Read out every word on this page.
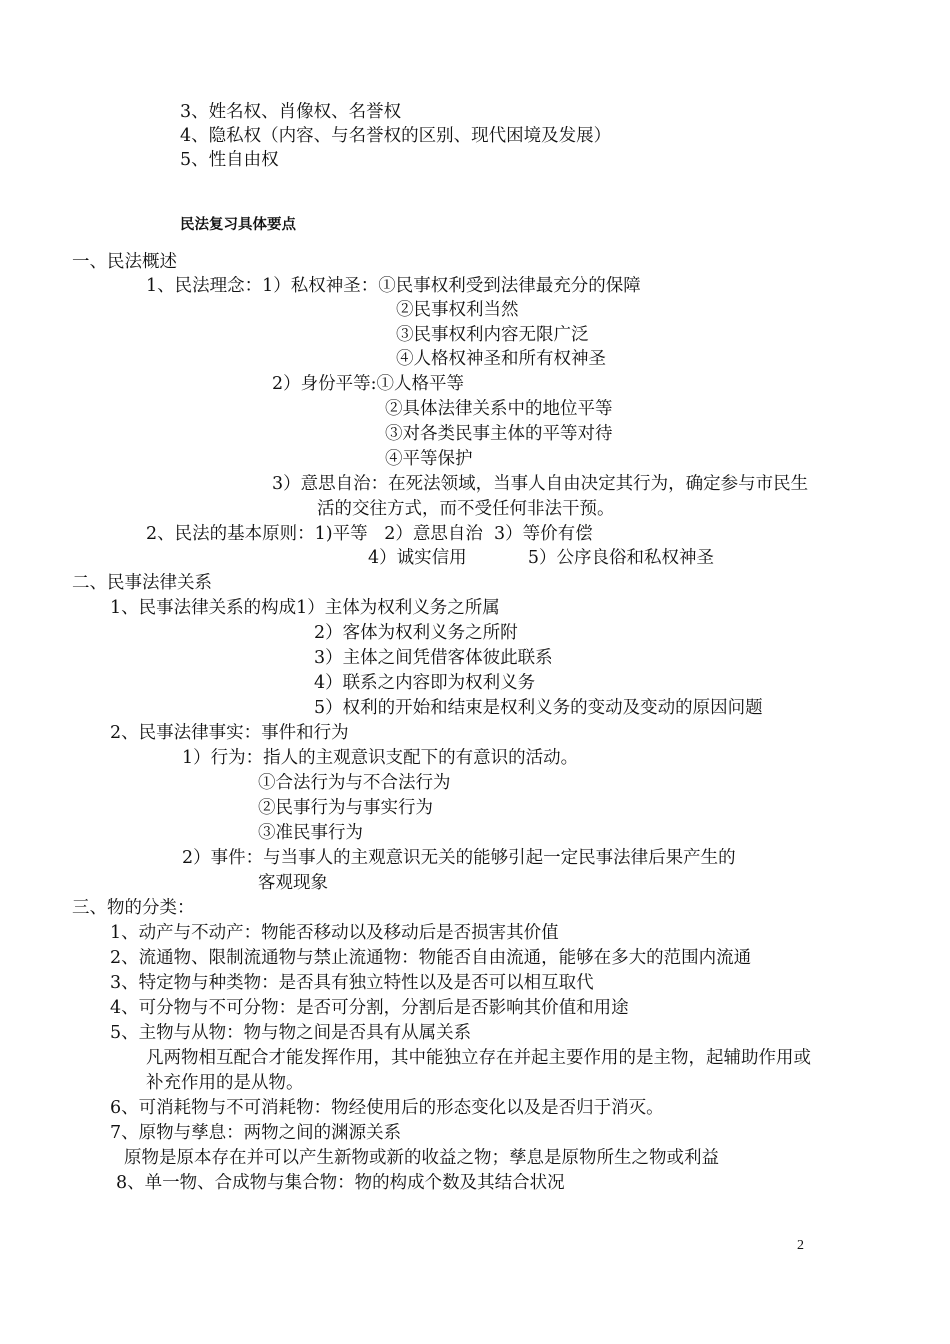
3、姓名权、肖像权、名誉权
4、隐私权（内容、与名誉权的区别、现代困境及发展）
5、性自由权
民法复习具体要点
一、民法概述
1、民法理念：1）私权神圣：①民事权利受到法律最充分的保障
②民事权利当然
③民事权利内容无限广泛
④人格权神圣和所有权神圣
2）身份平等:①人格平等
②具体法律关系中的地位平等
③对各类民事主体的平等对待
④平等保护
3）意思自治：在死法领域，当事人自由决定其行为，确定参与市民生
活的交往方式，而不受任何非法干预。
2、民法的基本原则：1)平等   2）意思自治  3）等价有偿
4）诚实信用           5）公序良俗和私权神圣
二、民事法律关系
1、民事法律关系的构成1）主体为权利义务之所属
2）客体为权利义务之所附
3）主体之间凭借客体彼此联系
4）联系之内容即为权利义务
5）权利的开始和结束是权利义务的变动及变动的原因问题
2、民事法律事实：事件和行为
1）行为：指人的主观意识支配下的有意识的活动。
①合法行为与不合法行为
②民事行为与事实行为
③准民事行为
2）事件：与当事人的主观意识无关的能够引起一定民事法律后果产生的
客观现象
三、物的分类：
1、动产与不动产：物能否移动以及移动后是否损害其价值
2、流通物、限制流通物与禁止流通物：物能否自由流通，能够在多大的范围内流通
3、特定物与种类物：是否具有独立特性以及是否可以相互取代
4、可分物与不可分物：是否可分割，分割后是否影响其价值和用途
5、主物与从物：物与物之间是否具有从属关系
凡两物相互配合才能发挥作用，其中能独立存在并起主要作用的是主物，起辅助作用或
补充作用的是从物。
6、可消耗物与不可消耗物：物经使用后的形态变化以及是否归于消灭。
7、原物与孳息：两物之间的渊源关系
原物是原本存在并可以产生新物或新的收益之物；孳息是原物所生之物或利益
8、单一物、合成物与集合物：物的构成个数及其结合状况
2
